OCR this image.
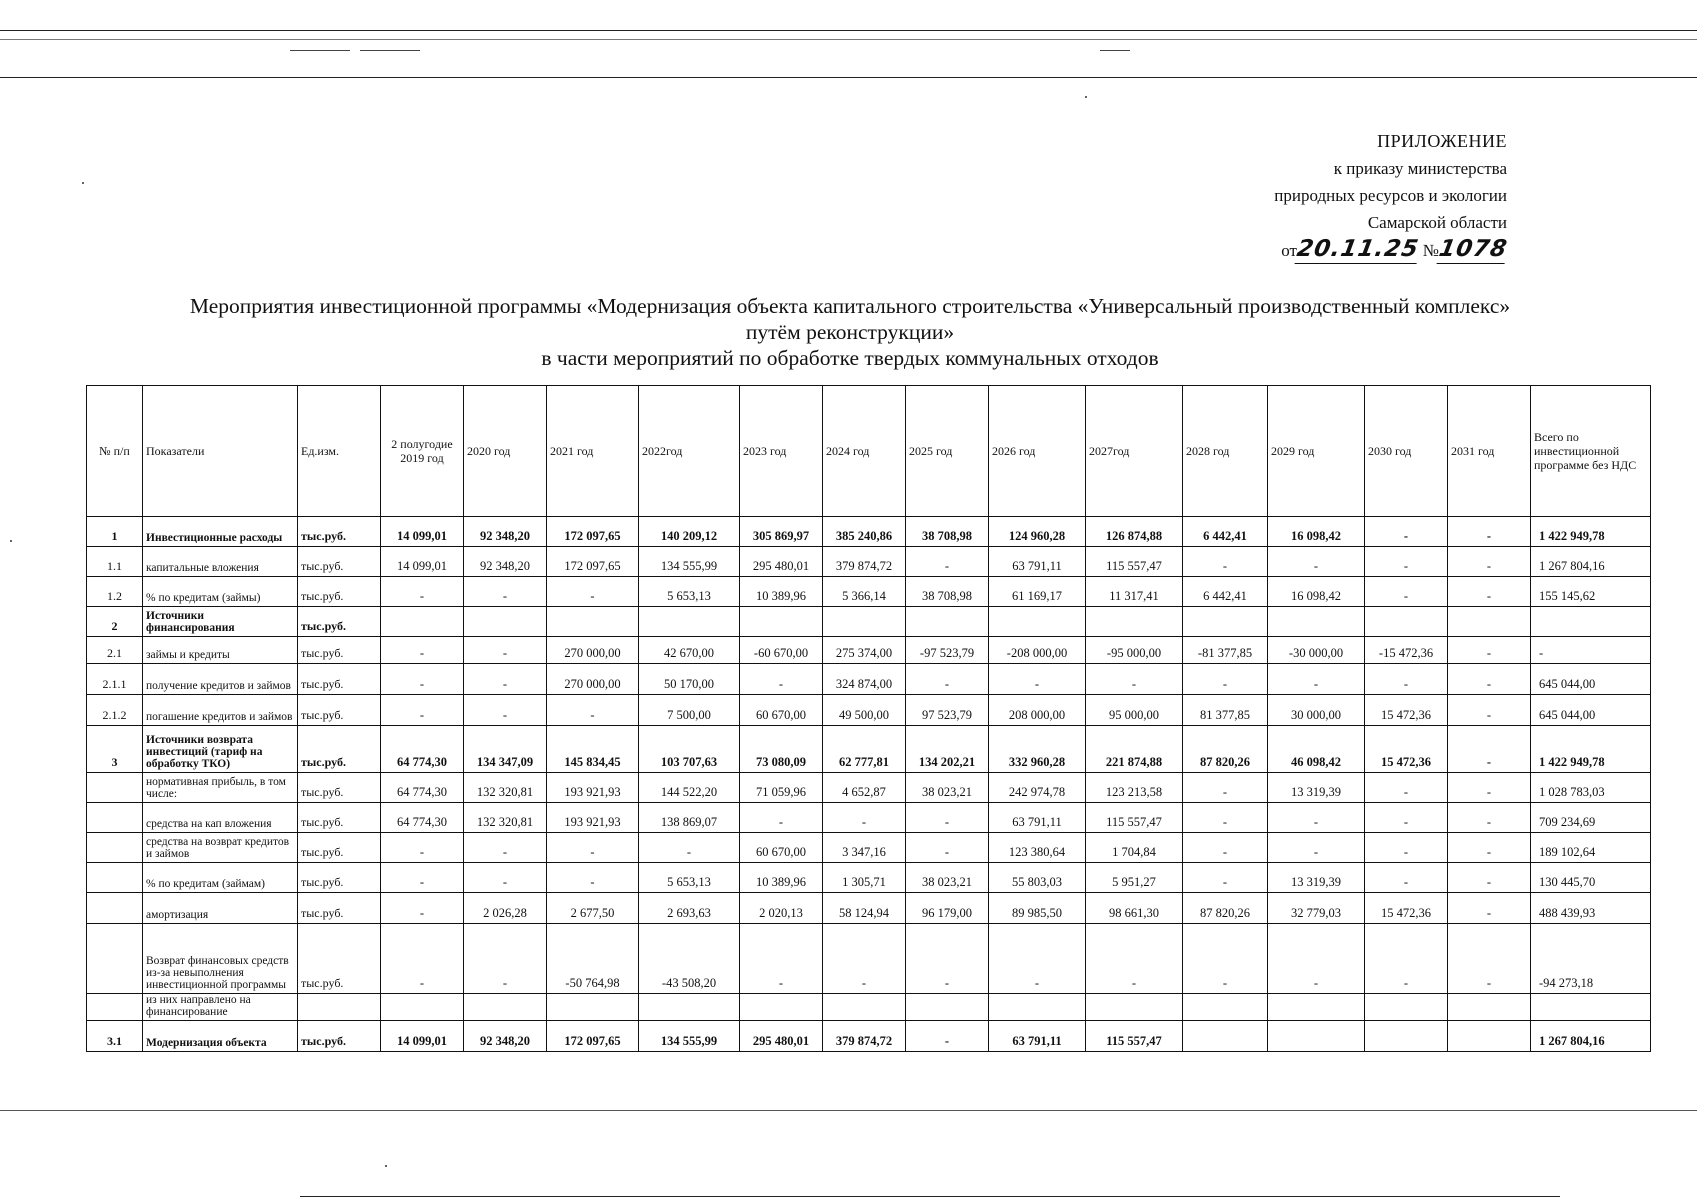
ПРИЛОЖЕНИЕ
к приказу министерства
природных ресурсов и экологии
Самарской области
от20.11.25 №1078
Мероприятия инвестиционной программы «Модернизация объекта капитального строительства «Универсальный производственный комплекс»
путём реконструкции»
в части мероприятий по обработке твердых коммунальных отходов
№ п/п	Показатели	Ед.изм.	2 полугодие 2019 год	2020 год	2021 год	2022год	2023 год	2024 год	2025 год	2026 год	2027год	2028 год	2029 год	2030 год	2031 год	Всего по инвестиционной программе без НДС
1	Инвестиционные расходы	тыс.руб.	14 099,01	92 348,20	172 097,65	140 209,12	305 869,97	385 240,86	38 708,98	124 960,28	126 874,88	6 442,41	16 098,42	-	-	1 422 949,78
1.1	капитальные вложения	тыс.руб.	14 099,01	92 348,20	172 097,65	134 555,99	295 480,01	379 874,72	-	63 791,11	115 557,47	-	-	-	-	1 267 804,16
1.2	% по кредитам (займы)	тыс.руб.	-	-	-	5 653,13	10 389,96	5 366,14	38 708,98	61 169,17	11 317,41	6 442,41	16 098,42	-	-	155 145,62
2	Источники финансирования	тыс.руб.														
2.1	займы и кредиты	тыс.руб.	-	-	270 000,00	42 670,00	-60 670,00	275 374,00	-97 523,79	-208 000,00	-95 000,00	-81 377,85	-30 000,00	-15 472,36	-	-
2.1.1	получение кредитов и займов	тыс.руб.	-	-	270 000,00	50 170,00	-	324 874,00	-	-	-	-	-	-	-	645 044,00
2.1.2	погашение кредитов и займов	тыс.руб.	-	-	-	7 500,00	60 670,00	49 500,00	97 523,79	208 000,00	95 000,00	81 377,85	30 000,00	15 472,36	-	645 044,00
3	Источники возврата инвестиций (тариф на обработку ТКО)	тыс.руб.	64 774,30	134 347,09	145 834,45	103 707,63	73 080,09	62 777,81	134 202,21	332 960,28	221 874,88	87 820,26	46 098,42	15 472,36	-	1 422 949,78
	нормативная прибыль, в том числе:	тыс.руб.	64 774,30	132 320,81	193 921,93	144 522,20	71 059,96	4 652,87	38 023,21	242 974,78	123 213,58	-	13 319,39	-	-	1 028 783,03
	средства на кап вложения	тыс.руб.	64 774,30	132 320,81	193 921,93	138 869,07	-	-	-	63 791,11	115 557,47	-	-	-	-	709 234,69
	средства на возврат кредитов и займов	тыс.руб.	-	-	-	-	60 670,00	3 347,16	-	123 380,64	1 704,84	-	-	-	-	189 102,64
	% по кредитам (займам)	тыс.руб.	-	-	-	5 653,13	10 389,96	1 305,71	38 023,21	55 803,03	5 951,27	-	13 319,39	-	-	130 445,70
	амортизация	тыс.руб.	-	2 026,28	2 677,50	2 693,63	2 020,13	58 124,94	96 179,00	89 985,50	98 661,30	87 820,26	32 779,03	15 472,36	-	488 439,93
	Возврат финансовых средств из-за невыполнения инвестиционной программы	тыс.руб.	-	-	-50 764,98	-43 508,20	-	-	-	-	-	-	-	-	-	-94 273,18
	из них направлено на финансирование															
3.1	Модернизация объекта	тыс.руб.	14 099,01	92 348,20	172 097,65	134 555,99	295 480,01	379 874,72	-	63 791,11	115 557,47					1 267 804,16
